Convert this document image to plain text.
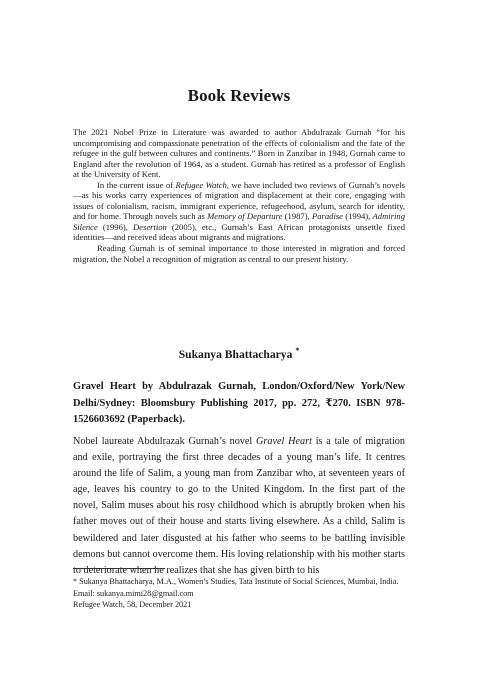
Book Reviews

The 2021 Nobel Prize in Literature was awarded to author Abdulrazak Gurnah “for his uncompromising and compassionate penetration of the effects of colonialism and the fate of the refugee in the gulf between cultures and continents.” Born in Zanzibar in 1948, Gurnah came to England after the revolution of 1964, as a student. Gurnah has retired as a professor of English at the University of Kent.

In the current issue of Refugee Watch, we have included two reviews of Gurnah’s novels—as his works carry experiences of migration and displacement at their core, engaging with issues of colonialism, racism, immigrant experience, refugeehood, asylum, search for identity, and for home. Through novels such as Memory of Departure (1987), Paradise (1994), Admiring Silence (1996), Desertion (2005), etc., Gurnah’s East African protagonists unsettle fixed identities—and received ideas about migrants and migrations.

Reading Gurnah is of seminal importance to those interested in migration and forced migration, the Nobel a recognition of migration as central to our present history.

Sukanya Bhattacharya *
Gravel Heart by Abdulrazak Gurnah, London/Oxford/New York/New Delhi/Sydney: Bloomsbury Publishing 2017, pp. 272, ₹270. ISBN 978-1526603692 (Paperback).

Nobel laureate Abdulrazak Gurnah’s novel Gravel Heart is a tale of migration and exile, portraying the first three decades of a young man’s life. It centres around the life of Salim, a young man from Zanzibar who, at seventeen years of age, leaves his country to go to the United Kingdom. In the first part of the novel, Salim muses about his rosy childhood which is abruptly broken when his father moves out of their house and starts living elsewhere. As a child, Salim is bewildered and later disgusted at his father who seems to be battling invisible demons but cannot overcome them. His loving relationship with his mother starts to deteriorate when he realizes that she has given birth to his

* Sukanya Bhattacharya, M.A., Women’s Studies, Tata Institute of Social Sciences, Mumbai, India. Email: sukanya.mimi28@gmail.com

Refugee Watch, 58, December 2021
